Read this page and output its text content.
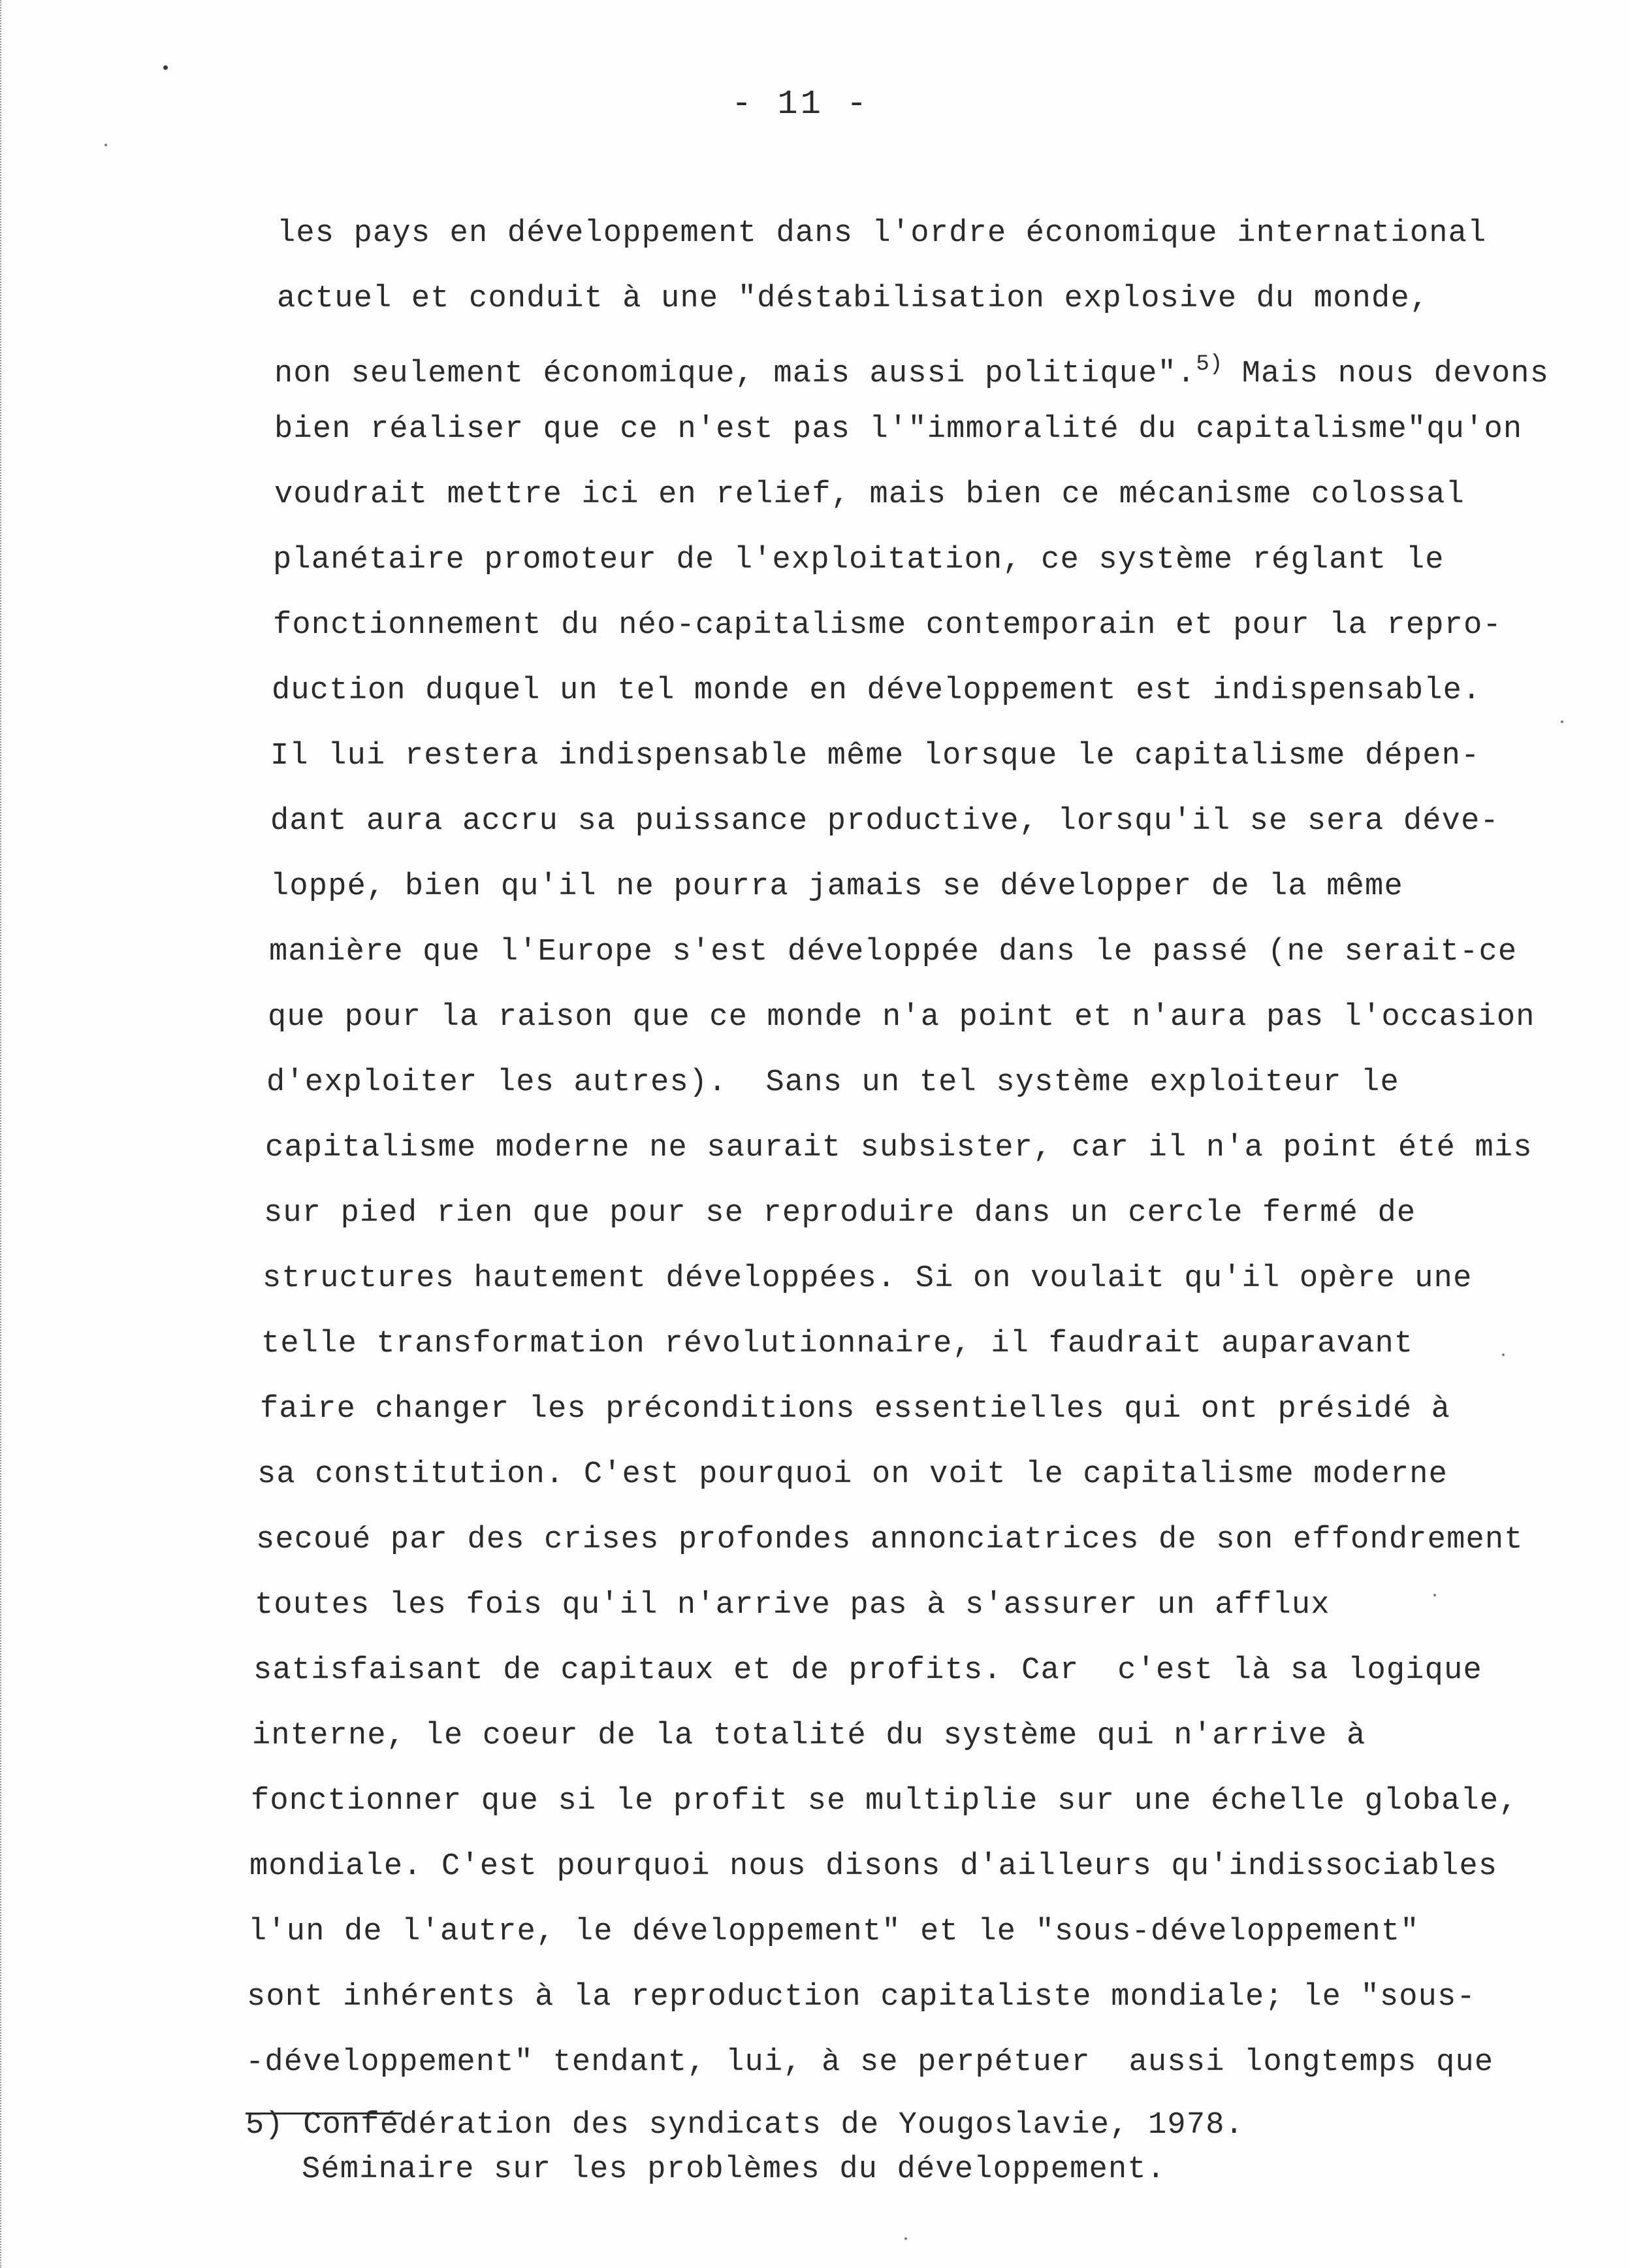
- 11 -
les pays en développement dans l'ordre économique international
actuel et conduit à une "déstabilisation explosive du monde,
non seulement économique, mais aussi politique".$^{5)}$ Mais nous devons
bien réaliser que ce n'est pas l'"immoralité du capitalisme"qu'on
voudrait mettre ici en relief, mais bien ce mécanisme colossal
planétaire promoteur de l'exploitation, ce système réglant le
fonctionnement du néo-capitalisme contemporain et pour la repro-
duction duquel un tel monde en développement est indispensable.
Il lui restera indispensable même lorsque le capitalisme dépen-
dant aura accru sa puissance productive, lorsqu'il se sera déve-
loppé, bien qu'il ne pourra jamais se développer de la même
manière que l'Europe s'est développée dans le passé (ne serait-ce
que pour la raison que ce monde n'a point et n'aura pas l'occasion
d'exploiter les autres).  Sans un tel système exploiteur le
capitalisme moderne ne saurait subsister, car il n'a point été mis
sur pied rien que pour se reproduire dans un cercle fermé de
structures hautement développées. Si on voulait qu'il opère une
telle transformation révolutionnaire, il faudrait auparavant
faire changer les préconditions essentielles qui ont présidé à
sa constitution. C'est pourquoi on voit le capitalisme moderne
secoué par des crises profondes annonciatrices de son effondrement
toutes les fois qu'il n'arrive pas à s'assurer un afflux
satisfaisant de capitaux et de profits. Car  c'est là sa logique
interne, le coeur de la totalité du système qui n'arrive à
fonctionner que si le profit se multiplie sur une échelle globale,
mondiale. C'est pourquoi nous disons d'ailleurs qu'indissociables
l'un de l'autre, le développement" et le "sous-développement"
sont inhérents à la reproduction capitaliste mondiale; le "sous-
-développement" tendant, lui, à se perpétuer  aussi longtemps que
5) Confédération des syndicats de Yougoslavie, 1978.
Séminaire sur les problèmes du développement.
